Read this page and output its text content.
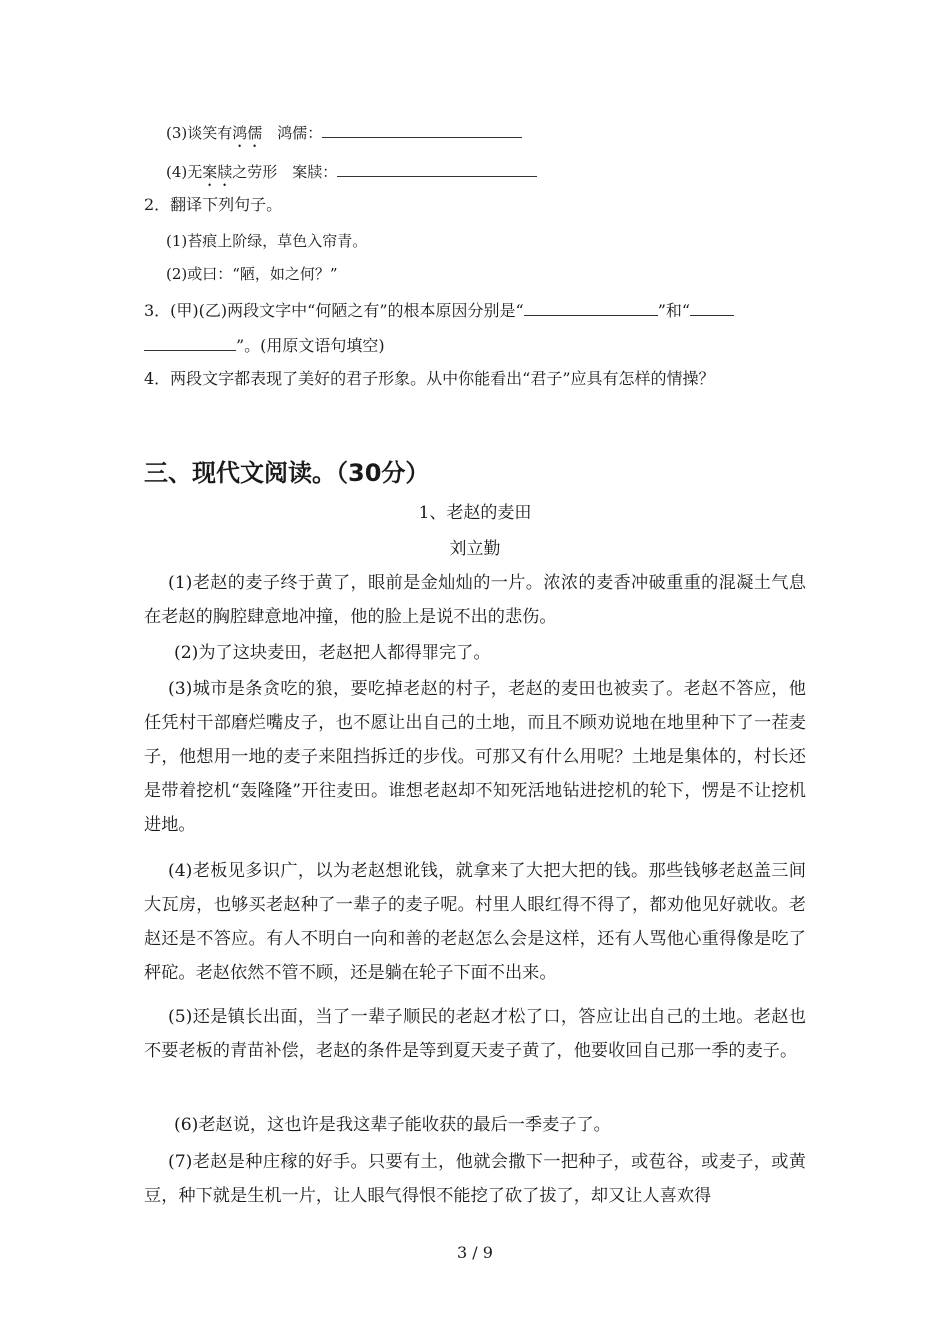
(3)谈笑有鸿儒　鸿儒：
(4)无案牍之劳形　案牍：
2．翻译下列句子。
(1)苔痕上阶绿，草色入帘青。
(2)或曰：“陋，如之何？”
3．(甲)(乙)两段文字中“何陋之有”的根本原因分别是“	”和“
”。(用原文语句填空)
4．两段文字都表现了美好的君子形象。从中你能看出“君子”应具有怎样的情操？
三、现代文阅读。（30分）
1、老赵的麦田
刘立勤
(1)老赵的麦子终于黄了，眼前是金灿灿的一片。浓浓的麦香冲破重重的混凝土气息在老赵的胸腔肆意地冲撞，他的脸上是说不出的悲伤。
(2)为了这块麦田，老赵把人都得罪完了。
(3)城市是条贪吃的狼，要吃掉老赵的村子，老赵的麦田也被卖了。老赵不答应，他任凭村干部磨烂嘴皮子，也不愿让出自己的土地，而且不顾劝说地在地里种下了一茬麦子，他想用一地的麦子来阻挡拆迁的步伐。可那又有什么用呢？土地是集体的，村长还是带着挖机“轰隆隆”开往麦田。谁想老赵却不知死活地钻进挖机的轮下，愣是不让挖机进地。
(4)老板见多识广，以为老赵想讹钱，就拿来了大把大把的钱。那些钱够老赵盖三间大瓦房，也够买老赵种了一辈子的麦子呢。村里人眼红得不得了，都劝他见好就收。老赵还是不答应。有人不明白一向和善的老赵怎么会是这样，还有人骂他心重得像是吃了秤砣。老赵依然不管不顾，还是躺在轮子下面不出来。
(5)还是镇长出面，当了一辈子顺民的老赵才松了口，答应让出自己的土地。老赵也不要老板的青苗补偿，老赵的条件是等到夏天麦子黄了，他要收回自己那一季的麦子。
(6)老赵说，这也许是我这辈子能收获的最后一季麦子了。
(7)老赵是种庄稼的好手。只要有土，他就会撒下一把种子，或苞谷，或麦子，或黄豆，种下就是生机一片，让人眼气得恨不能挖了砍了拔了，却又让人喜欢得
3 / 9
